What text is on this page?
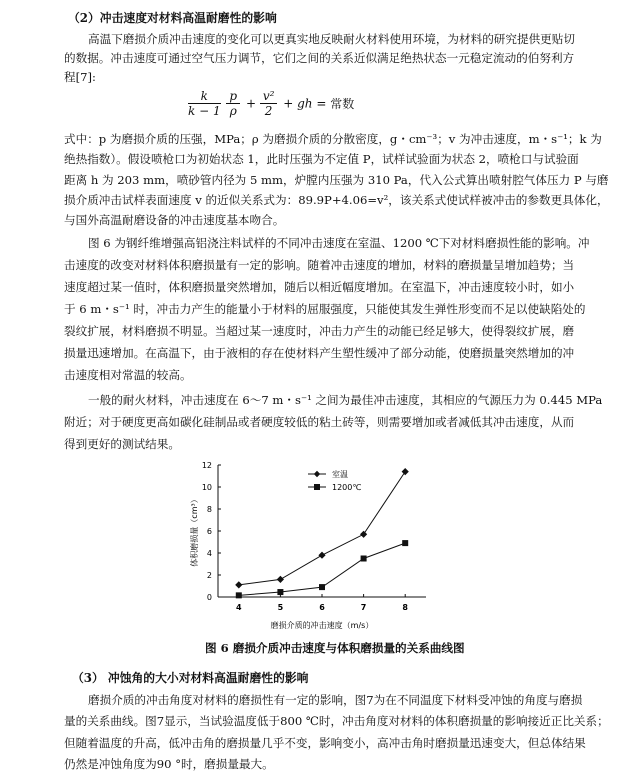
（2）冲击速度对材料高温耐磨性的影响
高温下磨损介质冲击速度的变化可以更真实地反映耐火材料使用环境，为材料的研究提供更贴切
的数据。冲击速度可通过空气压力调节，它们之间的关系近似满足绝热状态一元稳定流动的伯努利方
程[7]:
$\frac{k}{k - 1}$
$\frac{p}{\rho} + \frac{\text{v²}}{2}$ + gh = 常数
式中：p 为磨损介质的压强，MPa；ρ 为磨损介质的分散密度，g・cm⁻³；v 为冲击速度，m・s⁻¹；k 为
绝热指数）。假设喷枪口为初始状态 1，此时压强为不定值 P，试样试验面为状态 2，喷枪口与试验面
距离 h 为 203 mm，喷砂管内径为 5 mm，炉膛内压强为 310 Pa，代入公式算出喷射腔气体压力 P 与磨
损介质冲击试样表面速度 v 的近似关系式为：89.9P+4.06=v²，该关系式使试样被冲击的参数更具体化，
与国外高温耐磨设备的冲击速度基本吻合。
图 6 为钢纤维增强高铝浇注料试样的不同冲击速度在室温、1200 ℃下对材料磨损性能的影响。冲
击速度的改变对材料体积磨损量有一定的影响。随着冲击速度的增加，材料的磨损量呈增加趋势；当
速度超过某一值时，体积磨损量突然增加，随后以相近幅度增加。在室温下，冲击速度较小时，如小
于 6 m・s⁻¹ 时，冲击力产生的能量小于材料的屈服强度，只能使其发生弹性形变而不足以使缺陷处的
裂纹扩展，材料磨损不明显。当超过某一速度时，冲击力产生的动能已经足够大，使得裂纹扩展，磨
损量迅速增加。在高温下，由于液相的存在使材料产生塑性缓冲了部分动能，使磨损量突然增加的冲
击速度相对常温的较高。
一般的耐火材料，冲击速度在 6～7 m・s⁻¹ 之间为最佳冲击速度，其相应的气源压力为 0.445 MPa
附近；对于硬度更高如碳化硅制品或者硬度较低的粘土砖等，则需要增加或者减低其冲击速度，从而
得到更好的测试结果。
0
2
4
6
8
10
12
4	5	6	7	8
磨损介质的冲击速度（m/s）
体积磨损量（cm³）
室温
1200℃
图 6 磨损介质冲击速度与体积磨损量的关系曲线图
（3） 冲蚀角的大小对材料高温耐磨性的影响
磨损介质的冲击角度对材料的磨损性有一定的影响，图7为在不同温度下材料受冲蚀的角度与磨损
量的关系曲线。图7显示，当试验温度低于800 ℃时，冲击角度对材料的体积磨损量的影响接近正比关系；
但随着温度的升高，低冲击角的磨损量几乎不变，影响变小，高冲击角时磨损量迅速变大，但总体结果
仍然是冲蚀角度为90 °时，磨损量最大。
